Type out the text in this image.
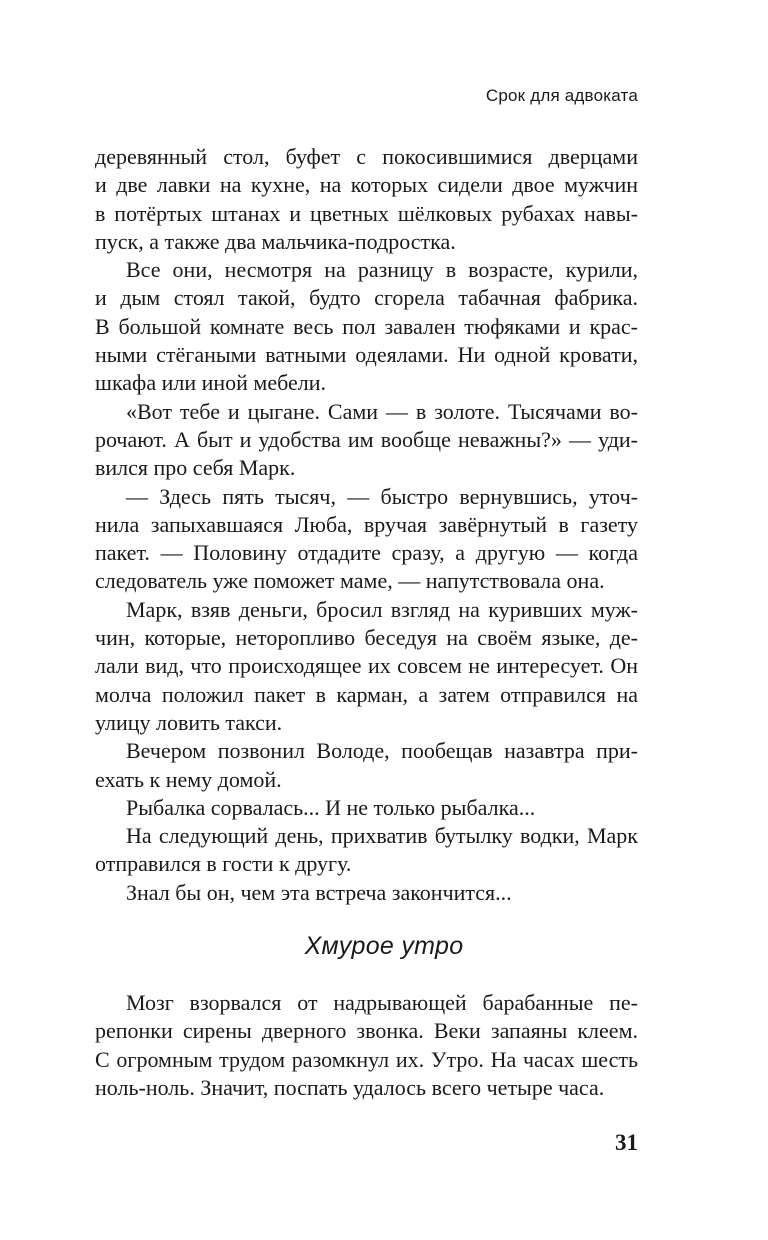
Срок для адвоката
деревянный стол, буфет с покосившимися дверцами
и две лавки на кухне, на которых сидели двое мужчин
в потёртых штанах и цветных шёлковых рубахах навы-
пуск, а также два мальчика-подростка.
Все они, несмотря на разницу в возрасте, курили,
и дым стоял такой, будто сгорела табачная фабрика.
В большой комнате весь пол завален тюфяками и крас-
ными стёгаными ватными одеялами. Ни одной кровати,
шкафа или иной мебели.
«Вот тебе и цыгане. Сами — в золоте. Тысячами во-
рочают. А быт и удобства им вообще неважны?» — уди-
вился про себя Марк.
— Здесь пять тысяч, — быстро вернувшись, уточ-
нила запыхавшаяся Люба, вручая завёрнутый в газету
пакет. — Половину отдадите сразу, а другую — когда
следователь уже поможет маме, — напутствовала она.
Марк, взяв деньги, бросил взгляд на куривших муж-
чин, которые, неторопливо беседуя на своём языке, де-
лали вид, что происходящее их совсем не интересует. Он
молча положил пакет в карман, а затем отправился на
улицу ловить такси.
Вечером позвонил Володе, пообещав назавтра при-
ехать к нему домой.
Рыбалка сорвалась... И не только рыбалка...
На следующий день, прихватив бутылку водки, Марк
отправился в гости к другу.
Знал бы он, чем эта встреча закончится...
Хмурое утро
Мозг взорвался от надрывающей барабанные пе-
репонки сирены дверного звонка. Веки запаяны клеем.
С огромным трудом разомкнул их. Утро. На часах шесть
ноль-ноль. Значит, поспать удалось всего четыре часа.
31
